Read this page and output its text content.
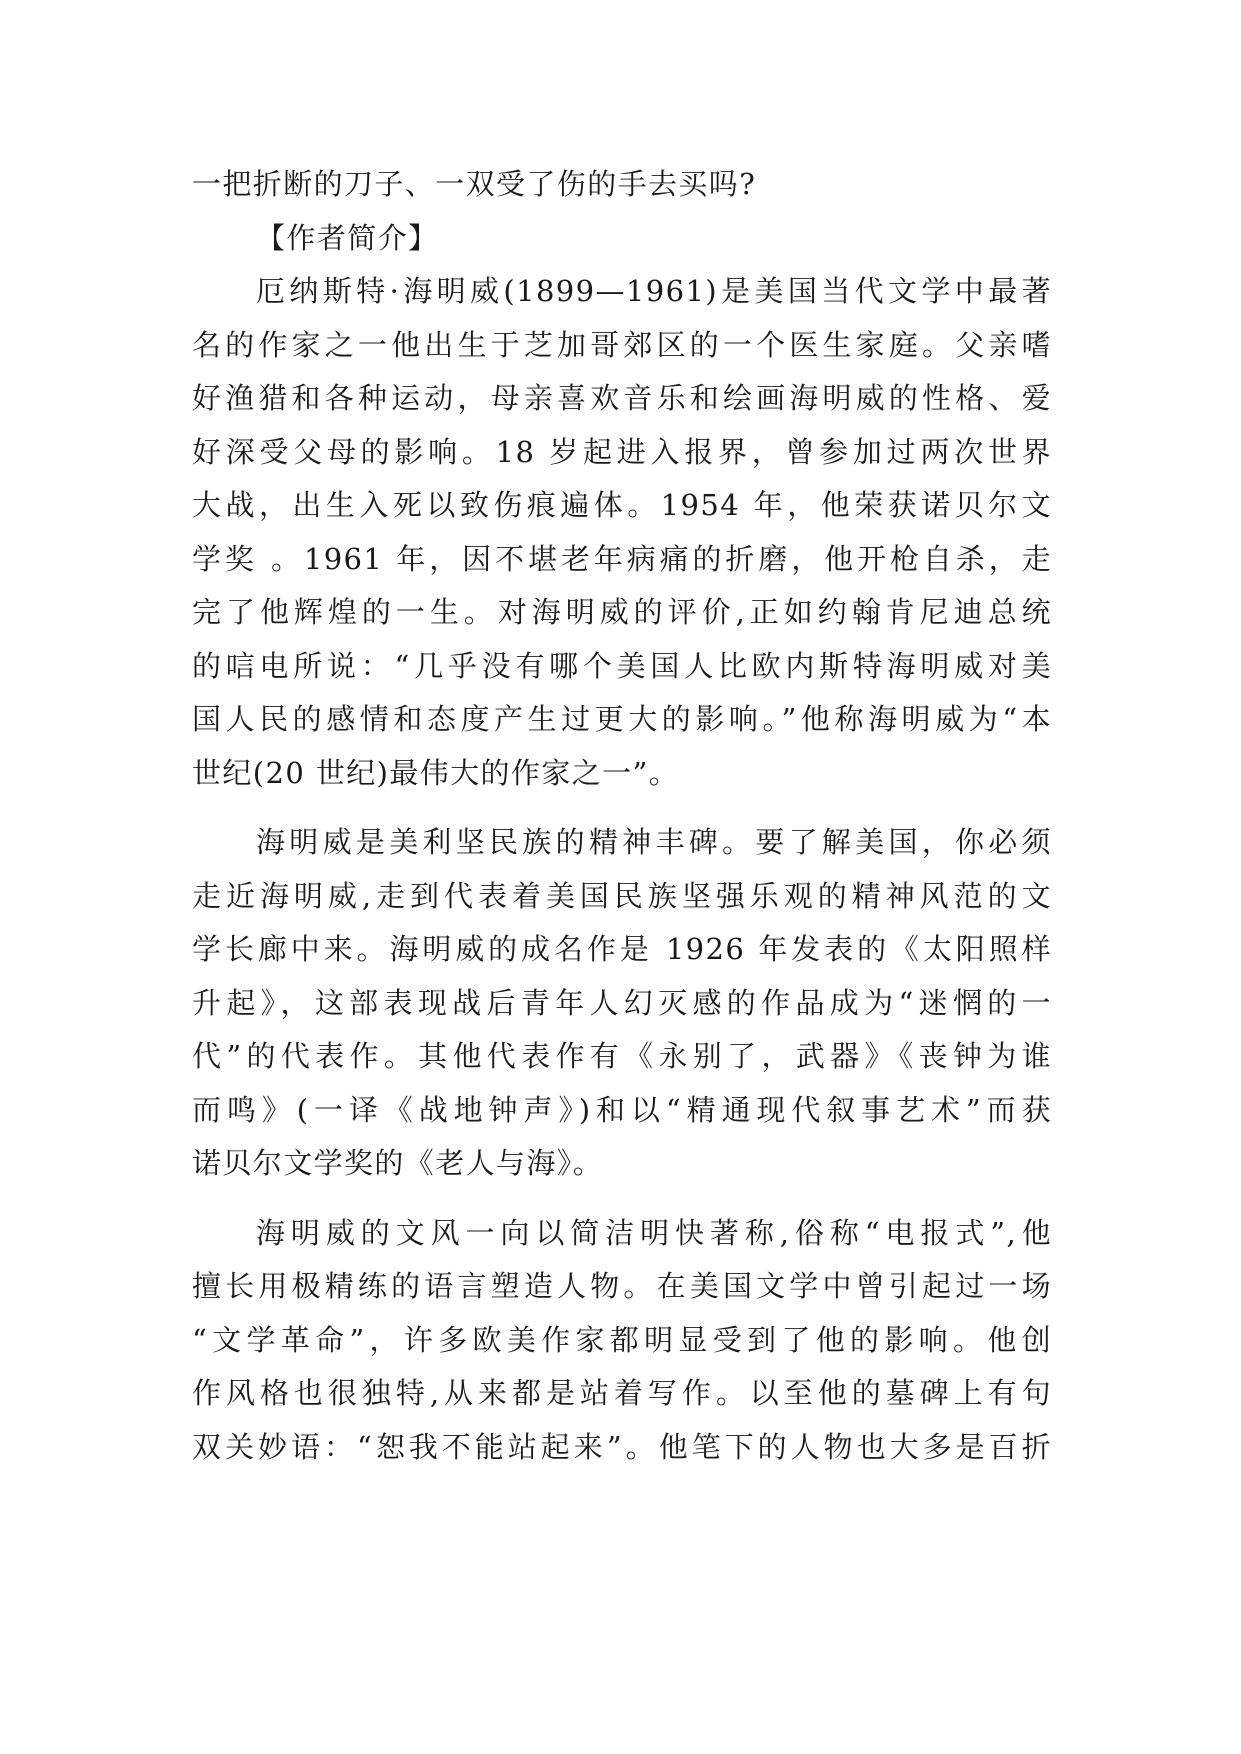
一把折断的刀子、一双受了伤的手去买吗?
【作者简介】
厄纳斯特·海明威(1899—1961)是美国当代文学中最著
名的作家之一他出生于芝加哥郊区的一个医生家庭。父亲嗜
好渔猎和各种运动，母亲喜欢音乐和绘画海明威的性格、爱
好深受父母的影响。18 岁起进入报界，曾参加过两次世界
大战，出生入死以致伤痕遍体。1954 年，他荣获诺贝尔文
学奖 。1961 年，因不堪老年病痛的折磨，他开枪自杀，走
完了他辉煌的一生。对海明威的评价,正如约翰肯尼迪总统
的唁电所说：“几乎没有哪个美国人比欧内斯特海明威对美
国人民的感情和态度产生过更大的影响。”他称海明威为“本
世纪(20 世纪)最伟大的作家之一”。
海明威是美利坚民族的精神丰碑。要了解美国，你必须
走近海明威,走到代表着美国民族坚强乐观的精神风范的文
学长廊中来。海明威的成名作是 1926 年发表的《太阳照样
升起》，这部表现战后青年人幻灭感的作品成为“迷惘的一
代”的代表作。其他代表作有《永别了，武器》《丧钟为谁
而鸣》(一译《战地钟声》)和以“精通现代叙事艺术”而获
诺贝尔文学奖的《老人与海》。
海明威的文风一向以简洁明快著称,俗称“电报式”,他
擅长用极精练的语言塑造人物。在美国文学中曾引起过一场
“文学革命”，许多欧美作家都明显受到了他的影响。他创
作风格也很独特,从来都是站着写作。以至他的墓碑上有句
双关妙语：“恕我不能站起来”。他笔下的人物也大多是百折
